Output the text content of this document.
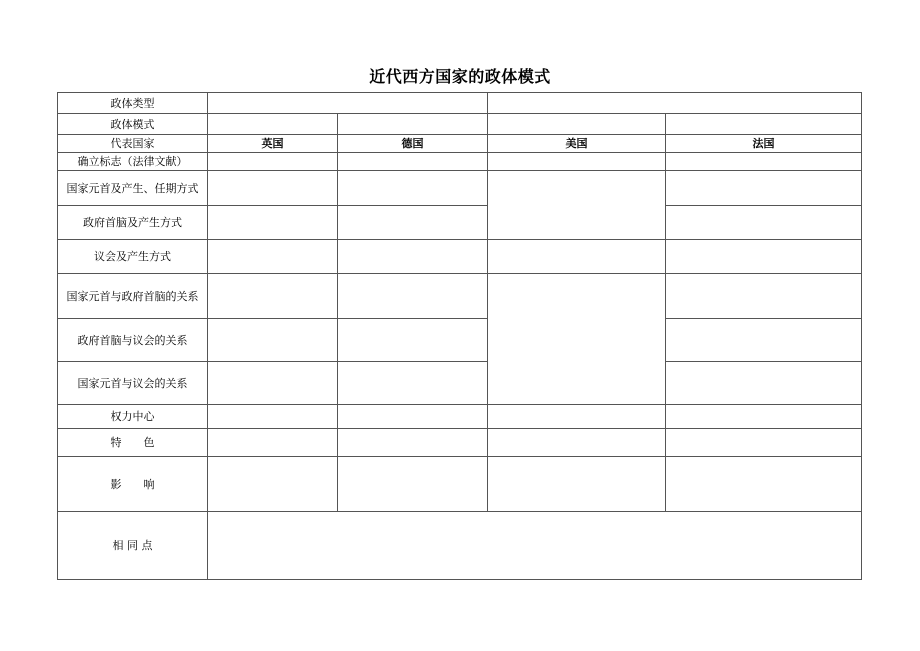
近代西方国家的政体模式
政体类型				
政体模式				
代表国家	英国	德国	美国	法国
确立标志（法律文献）				
国家元首及产生、任期方式				
政府首脑及产生方式				
议会及产生方式				
国家元首与政府首脑的关系				
政府首脑与议会的关系				
国家元首与议会的关系				
权力中心				
特　　色				
影　　响				
相 同 点				
